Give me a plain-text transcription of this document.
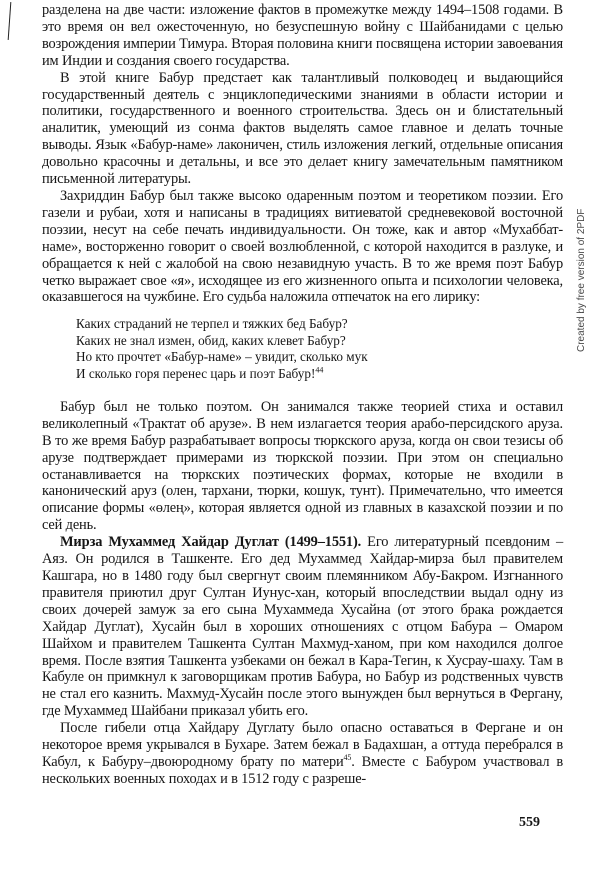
разделена на две части: изложение фактов в промежутке между 1494–1508 годами. В это время он вел ожесточенную, но безуспешную войну с Шайбанидами с целью возрождения империи Тимура. Вторая половина книги посвящена истории завоевания им Индии и создания своего государства.

В этой книге Бабур предстает как талантливый полководец и выдающийся государственный деятель с энциклопедическими знаниями в области истории и политики, государственного и военного строительства. Здесь он и блистательный аналитик, умеющий из сонма фактов выделять самое главное и делать точные выводы. Язык «Бабур-наме» лаконичен, стиль изложения легкий, отдельные описания довольно красочны и детальны, и все это делает книгу замечательным памятником письменной литературы.

Захриддин Бабур был также высоко одаренным поэтом и теоретиком поэзии. Его газели и рубаи, хотя и написаны в традициях витиеватой средневековой восточной поэзии, несут на себе печать индивидуальности. Он тоже, как и автор «Мухаббат-наме», восторженно говорит о своей возлюбленной, с которой находится в разлуке, и обращается к ней с жалобой на свою незавидную участь. В то же время поэт Бабур четко выражает свое «я», исходящее из его жизненного опыта и психологии человека, оказавшегося на чужбине. Его судьба наложила отпечаток на его лирику:

Каких страданий не терпел и тяжких бед Бабур?
Каких не знал измен, обид, каких клевет Бабур?
Но кто прочтет «Бабур-наме» – увидит, сколько мук
И сколько горя перенес царь и поэт Бабур!$^{44}$

Бабур был не только поэтом. Он занимался также теорией стиха и оставил великолепный «Трактат об арузе». В нем излагается теория арабо-персидского аруза. В то же время Бабур разрабатывает вопросы тюркского аруза, когда он свои тезисы об арузе подтверждает примерами из тюркской поэзии. При этом он специально останавливается на тюркских поэтических формах, которые не входили в канонический аруз (олен, тархани, тюрки, кошук, тунт). Примечательно, что имеется описание формы «өлең», которая является одной из главных в казахской поэзии и по сей день.

Мирза Мухаммед Хайдар Дуглат (1499–1551). Его литературный псевдоним – Аяз. Он родился в Ташкенте. Его дед Мухаммед Хайдар-мирза был правителем Кашгара, но в 1480 году был свергнут своим племянником Абу-Бакром. Изгнанного правителя приютил друг Султан Иунус-хан, который впоследствии выдал одну из своих дочерей замуж за его сына Мухаммеда Хусайна (от этого брака рождается Хайдар Дуглат), Хусайн был в хороших отношениях с отцом Бабура – Омаром Шайхом и правителем Ташкента Султан Махмуд-ханом, при ком находился долгое время. После взятия Ташкента узбеками он бежал в Кара-Тегин, к Хусрау-шаху. Там в Кабуле он примкнул к заговорщикам против Бабура, но Бабур из родственных чувств не стал его казнить. Махмуд-Хусайн после этого вынужден был вернуться в Фергану, где Мухаммед Шайбани приказал убить его.

После гибели отца Хайдару Дуглату было опасно оставаться в Фергане и он некоторое время укрывался в Бухаре. Затем бежал в Бадахшан, а оттуда перебрался в Кабул, к Бабуру–двоюродному брату по матери$^{45}$. Вместе с Бабуром участвовал в нескольких военных походах и в 1512 году с разреше-

Created by free version of 2PDF
559
